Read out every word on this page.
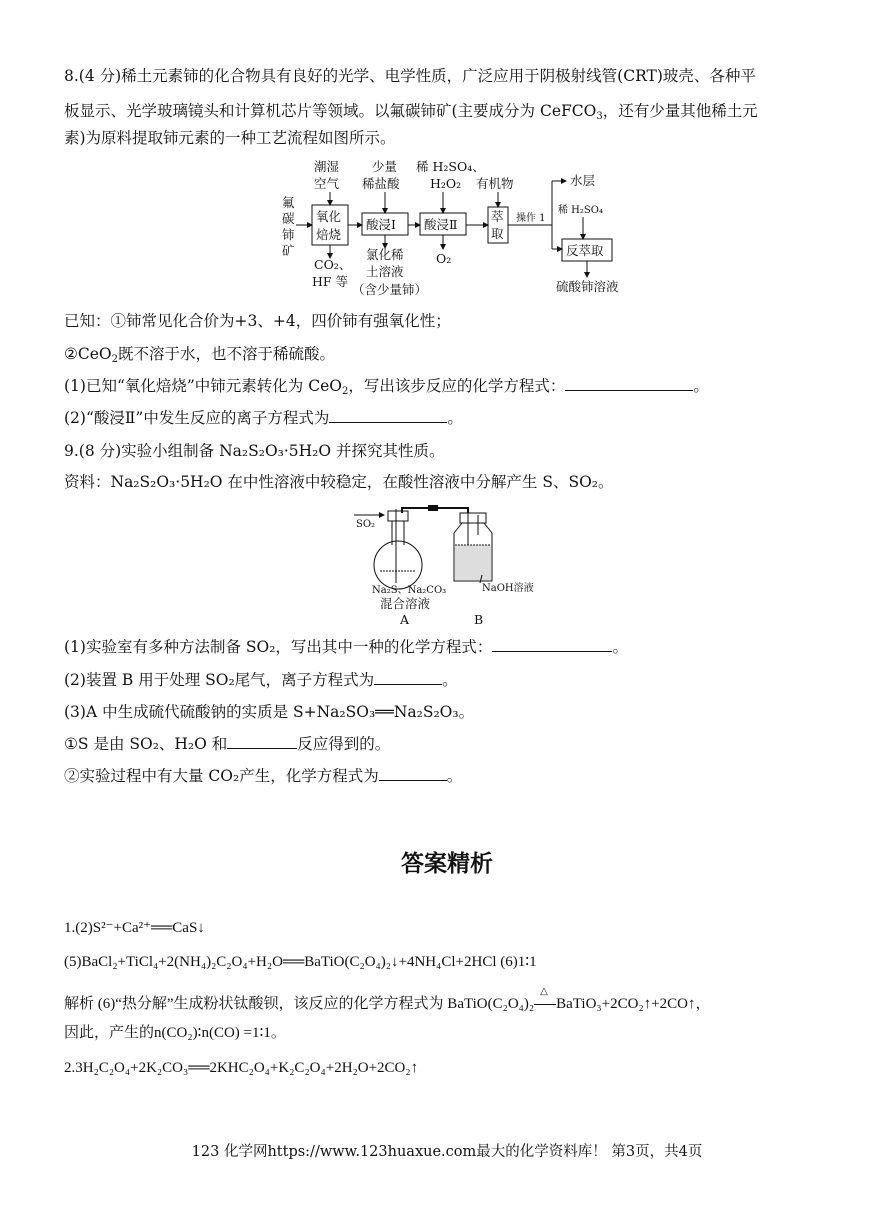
8.(4 分)稀土元素铈的化合物具有良好的光学、电学性质，广泛应用于阴极射线管(CRT)玻壳、各种平
板显示、光学玻璃镜头和计算机芯片等领域。以氟碳铈矿(主要成分为 CeFCO$_3$，还有少量其他稀土元
素)为原料提取铈元素的一种工艺流程如图所示。
氟
碳
铈
矿
氧化
焙烧
潮湿
空气
CO₂、
HF 等
酸浸Ⅰ
少量
稀盐酸
氯化稀
土溶液
（含少量铈）
酸浸Ⅱ
稀 H₂SO₄、
H₂O₂
O₂
萃
取
有机物
操作 1
水层
稀 H₂SO₄
反萃取
硫酸铈溶液
已知：①铈常见化合价为+3、+4，四价铈有强氧化性；
②CeO$_2$既不溶于水，也不溶于稀硫酸。
(1)已知“氧化焙烧”中铈元素转化为 CeO$_2$，写出该步反应的化学方程式：	。
(2)“酸浸Ⅱ”中发生反应的离子方程式为	。
9.(8 分)实验小组制备 Na₂S₂O₃·5H₂O 并探究其性质。
资料：Na₂S₂O₃·5H₂O 在中性溶液中较稳定，在酸性溶液中分解产生 S、SO₂。
SO₂
NaOH溶液
Na₂S、Na₂CO₃
混合溶液
A	B
(1)实验室有多种方法制备 SO₂，写出其中一种的化学方程式：	。
(2)装置 B 用于处理 SO₂尾气，离子方程式为	。
(3)A 中生成硫代硫酸钠的实质是 S+Na₂SO₃══Na₂S₂O₃。
①S 是由 SO₂、H₂O 和	反应得到的。
②实验过程中有大量 CO₂产生，化学方程式为	。
答案精析
1.(2)S²⁻+Ca²⁺══CaS↓
(5)BaCl₂+TiCl₄+2(NH₄)₂C₂O₄+H₂O══BaTiO(C₂O₄)₂↓+4NH₄Cl+2HCl (6)1∶1
解析 (6)“热分解”生成粉状钛酸钡，该反应的化学方程式为 BaTiO(C₂O₄)₂
△
BaTiO₃+2CO₂↑+2CO↑，
因此，产生的n(CO₂)∶n(CO) =1∶1。
2.3H₂C₂O₄+2K₂CO₃══2KHC₂O₄+K₂C₂O₄+2H₂O+2CO₂↑
123 化学网https://www.123huaxue.com最大的化学资料库！ 第3页，共4页
